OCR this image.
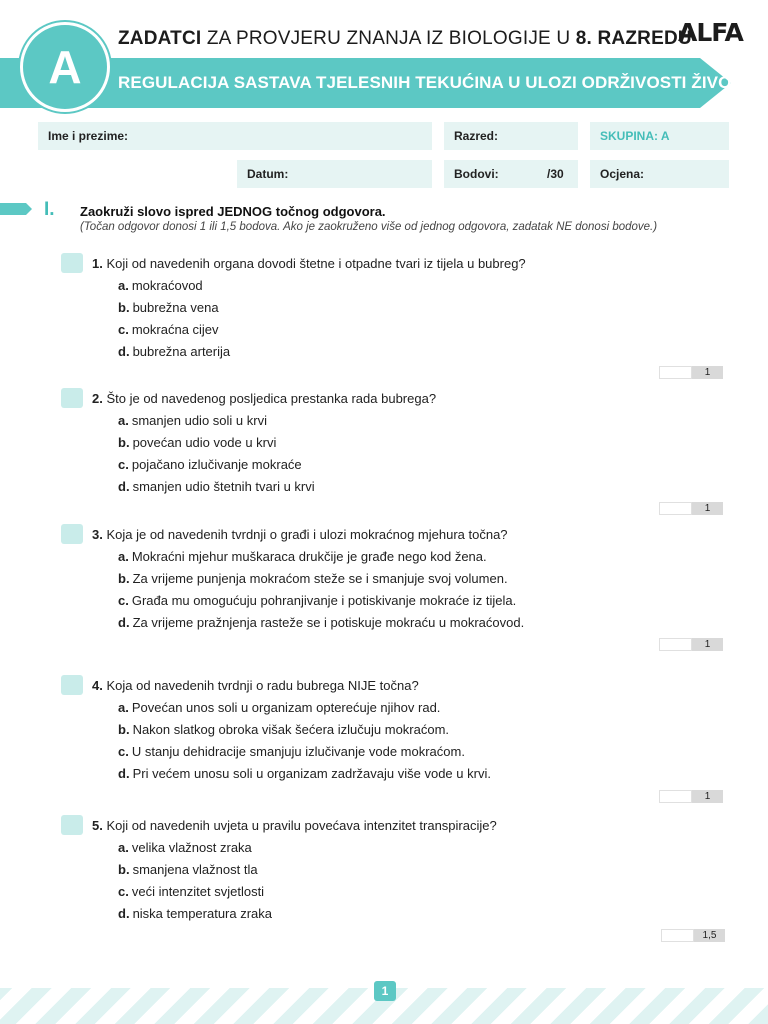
A
ZADATCI ZA PROVJERU ZNANJA IZ BIOLOGIJE U 8. RAZREDU
ALFA
REGULACIJA SASTAVA TJELESNIH TEKUĆINA U ULOZI ODRŽIVOSTI ŽIVOTA
Ime i prezime:	Razred:	SKUPINA: A
Datum:	Bodovi:	/30	Ocjena:
I. Zaokruži slovo ispred JEDNOG točnog odgovora.
(Točan odgovor donosi 1 ili 1,5 bodova. Ako je zaokruženo više od jednog odgovora, zadatak NE donosi bodove.)
1. Koji od navedenih organa dovodi štetne i otpadne tvari iz tijela u bubreg?
a. mokraćovod
b. bubrežna vena
c. mokraćna cijev
d. bubrežna arterija
1
2. Što je od navedenog posljedica prestanka rada bubrega?
a. smanjen udio soli u krvi
b. povećan udio vode u krvi
c. pojačano izlučivanje mokraće
d. smanjen udio štetnih tvari u krvi
1
3. Koja je od navedenih tvrdnji o građi i ulozi mokraćnog mjehura točna?
a. Mokraćni mjehur muškaraca drukčije je građe nego kod žena.
b. Za vrijeme punjenja mokraćom steže se i smanjuje svoj volumen.
c. Građa mu omogućuju pohranjivanje i potiskivanje mokraće iz tijela.
d. Za vrijeme pražnjenja rasteže se i potiskuje mokraću u mokraćovod.
1
4. Koja od navedenih tvrdnji o radu bubrega NIJE točna?
a. Povećan unos soli u organizam opterećuje njihov rad.
b. Nakon slatkog obroka višak šećera izlučuju mokraćom.
c. U stanju dehidracije smanjuju izlučivanje vode mokraćom.
d. Pri većem unosu soli u organizam zadržavaju više vode u krvi.
1
5. Koji od navedenih uvjeta u pravilu povećava intenzitet transpiracije?
a. velika vlažnost zraka
b. smanjena vlažnost tla
c. veći intenzitet svjetlosti
d. niska temperatura zraka
1,5
1
